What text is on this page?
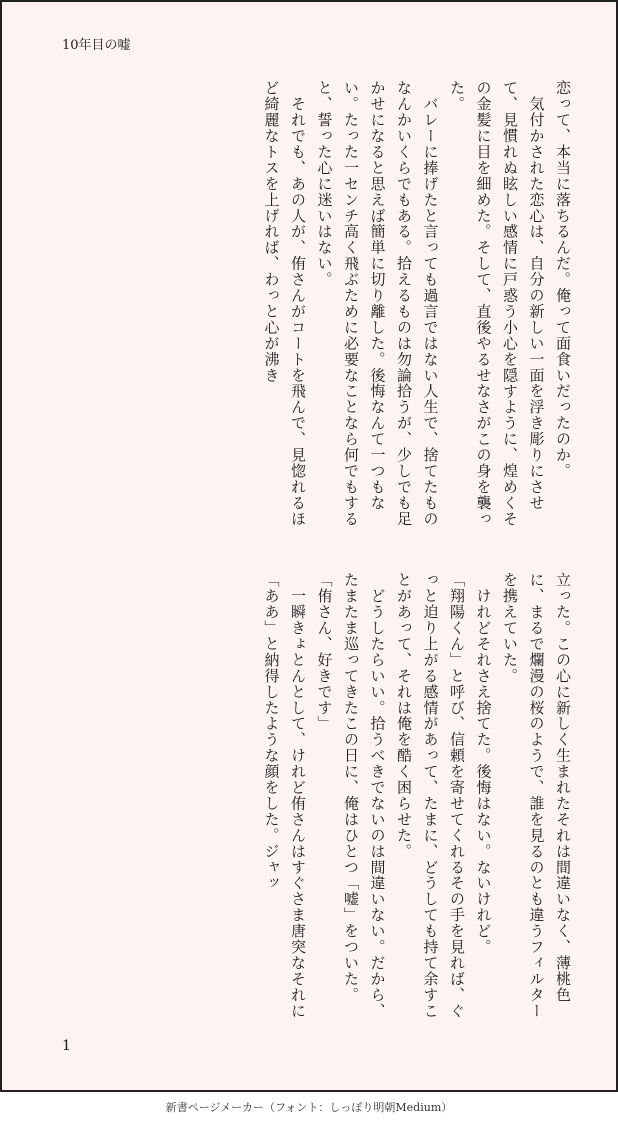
10年目の嘘
恋って、本当に落ちるんだ。俺って面食いだったのか。
　気付かされた恋心は、自分の新しい一面を浮き彫りにさせて、見慣れぬ眩しい感情に戸惑う小心を隠すように、煌めくその金髪に目を細めた。そして、直後やるせなさがこの身を襲った。
　バレーに捧げたと言っても過言ではない人生で、捨てたものなんかいくらでもある。拾えるものは勿論拾うが、少しでも足かせになると思えば簡単に切り離した。後悔なんて一つもない。たった一センチ高く飛ぶために必要なことなら何でもすると、誓った心に迷いはない。
　それでも、あの人が、侑さんがコートを飛んで、見惚れるほど綺麗なトスを上げれば、わっと心が沸き
立った。この心に新しく生まれたそれは間違いなく、薄桃色に、まるで爛漫の桜のようで、誰を見るのとも違うフィルターを携えていた。
　けれどそれさえ捨てた。後悔はない。ないけれど。
「翔陽くん」と呼び、信頼を寄せてくれるその手を見れば、ぐっと迫り上がる感情があって、たまに、どうしても持て余すことがあって、それは俺を酷く困らせた。
　どうしたらいい。拾うべきでないのは間違いない。だから、たまたま巡ってきたこの日に、俺はひとつ「嘘」をついた。
「侑さん、好きです」
　一瞬きょとんとして、けれど侑さんはすぐさま唐突なそれに「ああ」と納得したような顔をした。ジャッ
1
新書ページメーカー（フォント：しっぽり明朝Medium）
